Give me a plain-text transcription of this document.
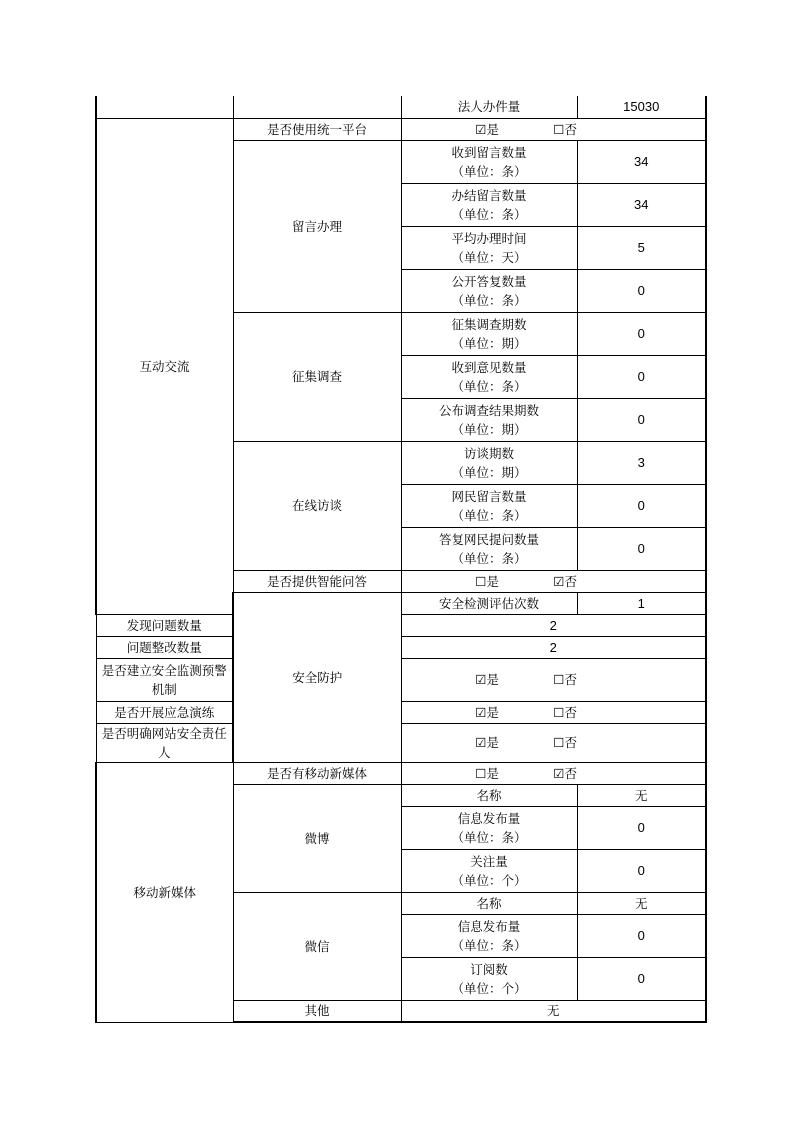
		法人办件量	15030
互动交流	是否使用统一平台	☑是 ☐否	
	留言办理	收到留言数量
（单位：条）	34

		办结留言数量
（单位：条）	34

		平均办理时间
（单位：天）	5

		公开答复数量
（单位：条）	0
	征集调查	征集调查期数
（单位：期）	0

		收到意见数量
（单位：条）	0

		公布调查结果期数
（单位：期）	0
	在线访谈	访谈期数
（单位：期）	3

		网民留言数量
（单位：条）	0

		答复网民提问数量
（单位：条）	0
	是否提供智能问答	☐是 ☑否	
	安全防护	安全检测评估次数	1
发现问题数量		2	
问题整改数量		2	
是否建立安全监测预警机制		☑是 ☐否	
是否开展应急演练		☑是 ☐否	
是否明确网站安全责任人		☑是 ☐否	
移动新媒体	是否有移动新媒体	☐是 ☑否	
	微博	名称	无

		信息发布量
（单位：条）	0

		关注量
（单位：个）	0
	微信	名称	无

		信息发布量
（单位：条）	0

		订阅数
（单位：个）	0
	其他	无	
